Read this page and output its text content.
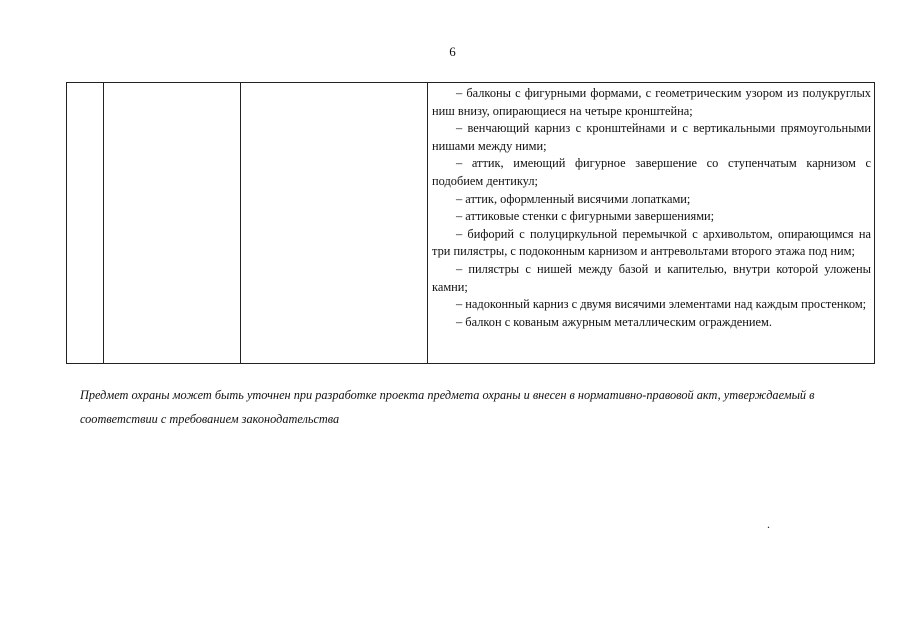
6

– балконы с фигурными формами, с геометрическим узором из полукруглых ниш внизу, опирающиеся на четыре кронштейна;
– венчающий карниз с кронштейнами и с вертикальными прямоугольными нишами между ними;
– аттик, имеющий фигурное завершение со ступенчатым карнизом с подобием дентикул;
– аттик, оформленный висячими лопатками;
– аттиковые стенки с фигурными завершениями;
– бифорий с полуциркульной перемычкой с архивольтом, опирающимся на три пилястры, с подоконным карнизом и антревольтами второго этажа под ним;
– пилястры с нишей между базой и капителью, внутри которой уложены камни;
– надоконный карниз с двумя висячими элементами над каждым простенком;
– балкон с кованым ажурным металлическим ограждением.
Предмет охраны может быть уточнен при разработке проекта предмета охраны и внесен в нормативно-правовой акт, утверждаемый в соответствии с требованием законодательства
.
